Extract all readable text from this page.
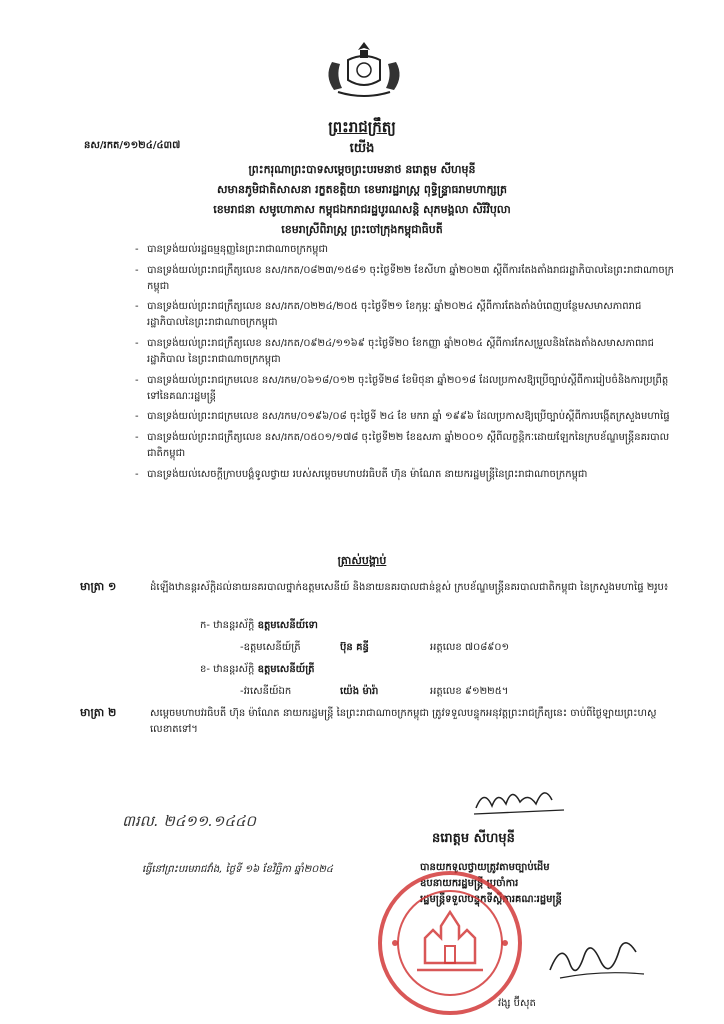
ព្រះរាជក្រឹត្យ
នស/រកត/១១២៤/៤៣៧	យើង
ព្រះករុណាព្រះបាទសម្តេចព្រះបរមនាថ នរោត្តម សីហមុនី
សមានភូមិជាតិសាសនា រក្ខតខត្តិយា ខេមរារដ្ឋរាស្ត្រ ពុទ្ធិន្រ្ទាធរាមហាក្សត្រ
ខេមរាជនា សមូហោភាស កម្ពុជឯករាជរដ្ឋបូរណសន្តិ សុភមង្គលា សិរីវិបុលា
ខេមរាស្រីពិរាស្ត្រ ព្រះចៅក្រុងកម្ពុជាធិបតី
- បានទ្រង់យល់រដ្ឋធម្មនុញ្ញនៃព្រះរាជាណាចក្រកម្ពុជា
- បានទ្រង់យល់ព្រះរាជក្រឹត្យលេខ នស/រកត/០៨២៣/១៥៨១ ចុះថ្ងៃទី២២ ខែសីហា ឆ្នាំ២០២៣ ស្តីពីការតែងតាំងរាជរដ្ឋាភិបាលនៃព្រះរាជាណាចក្រកម្ពុជា
- បានទ្រង់យល់ព្រះរាជក្រឹត្យលេខ នស/រកត/០២២៤/២០៥ ចុះថ្ងៃទី២១ ខែកុម្ភៈ ឆ្នាំ២០២៤ ស្តីពីការតែងតាំងបំពេញបន្ថែមសមាសភាពរាជរដ្ឋាភិបាលនៃព្រះរាជាណាចក្រកម្ពុជា
- បានទ្រង់យល់ព្រះរាជក្រឹត្យលេខ នស/រកត/០៩២៤/១១៦៩ ចុះថ្ងៃទី២០ ខែកញ្ញា ឆ្នាំ២០២៤ ស្តីពីការកែសម្រួលនិងតែងតាំងសមាសភាពរាជរដ្ឋាភិបាល នៃព្រះរាជាណាចក្រកម្ពុជា
- បានទ្រង់យល់ព្រះរាជក្រមលេខ នស/រកម/០៦១៨/០១២ ចុះថ្ងៃទី២៨ ខែមិថុនា ឆ្នាំ២០១៨ ដែលប្រកាសឱ្យប្រើច្បាប់ស្តីពីការរៀបចំនិងការប្រព្រឹត្តទៅនៃគណៈរដ្ឋមន្ត្រី
- បានទ្រង់យល់ព្រះរាជក្រមលេខ នស/រកម/០១៩៦/០៨ ចុះថ្ងៃទី ២៤ ខែ មករា ឆ្នាំ ១៩៩៦ ដែលប្រកាសឱ្យប្រើច្បាប់ស្តីពីការបង្កើតក្រសួងមហាផ្ទៃ
- បានទ្រង់យល់ព្រះរាជក្រឹត្យលេខ នស/រកត/០៥០១/១៧៨ ចុះថ្ងៃទី២២ ខែឧសភា ឆ្នាំ២០០១ ស្តីពីលក្ខន្តិកៈដោយឡែកនៃក្របខ័ណ្ឌមន្ត្រីនគរបាលជាតិកម្ពុជា
- បានទ្រង់យល់សេចក្តីក្រាបបង្គំទូលថ្វាយ របស់សម្តេចមហាបវរធិបតី ហ៊ុន ម៉ាណែត នាយករដ្ឋមន្ត្រីនៃព្រះរាជាណាចក្រកម្ពុជា
ត្រាស់បង្គាប់
មាត្រា ១	ដំឡើងឋានន្តរស័ក្តិដល់នាយនគរបាលថ្នាក់ឧត្តមសេនីយ៍ និងនាយនគរបាលជាន់ខ្ពស់ ក្របខ័ណ្ឌមន្ត្រីនគរបាលជាតិកម្ពុជា នៃក្រសួងមហាផ្ទៃ ២រូប៖
ក- ឋានន្តរស័ក្តិ ឧត្តមសេនីយ៍ទោ
-ឧត្តមសេនីយ៍ត្រី	ប៊ុន គន្ធី	អត្តលេខ ៧០៨៩០១
ខ- ឋានន្តរស័ក្តិ ឧត្តមសេនីយ៍ត្រី
-វរសេនីយ៍ឯក	យ៉េង ម៉ារ៉ា	អត្តលេខ ៩១២២៥។
មាត្រា ២	សម្តេចមហាបវរធិបតី ហ៊ុន ម៉ាណែត នាយករដ្ឋមន្ត្រី នៃព្រះរាជាណាចក្រកម្ពុជា ត្រូវទទួលបន្ទុកអនុវត្តព្រះរាជក្រឹត្យនេះ ចាប់ពីថ្ងៃឡាយព្រះហស្ថលេខាតទៅ។
៣រល. ២៤១១.១៤៤០
ធ្វើនៅព្រះបរមរាជវាំង, ថ្ងៃទី ១៦ ខែវិច្ឆិកា ឆ្នាំ២០២៤
នរោត្តម សីហមុនី
បានយកទូលថ្វាយត្រូវតាមច្បាប់ដើម
ឧបនាយករដ្ឋមន្ត្រី ប្រចាំការ
រដ្ឋមន្ត្រីទទួលបន្ទុកទីស្តីការគណៈរដ្ឋមន្ត្រី
វង្ស ប៊ីសុត
